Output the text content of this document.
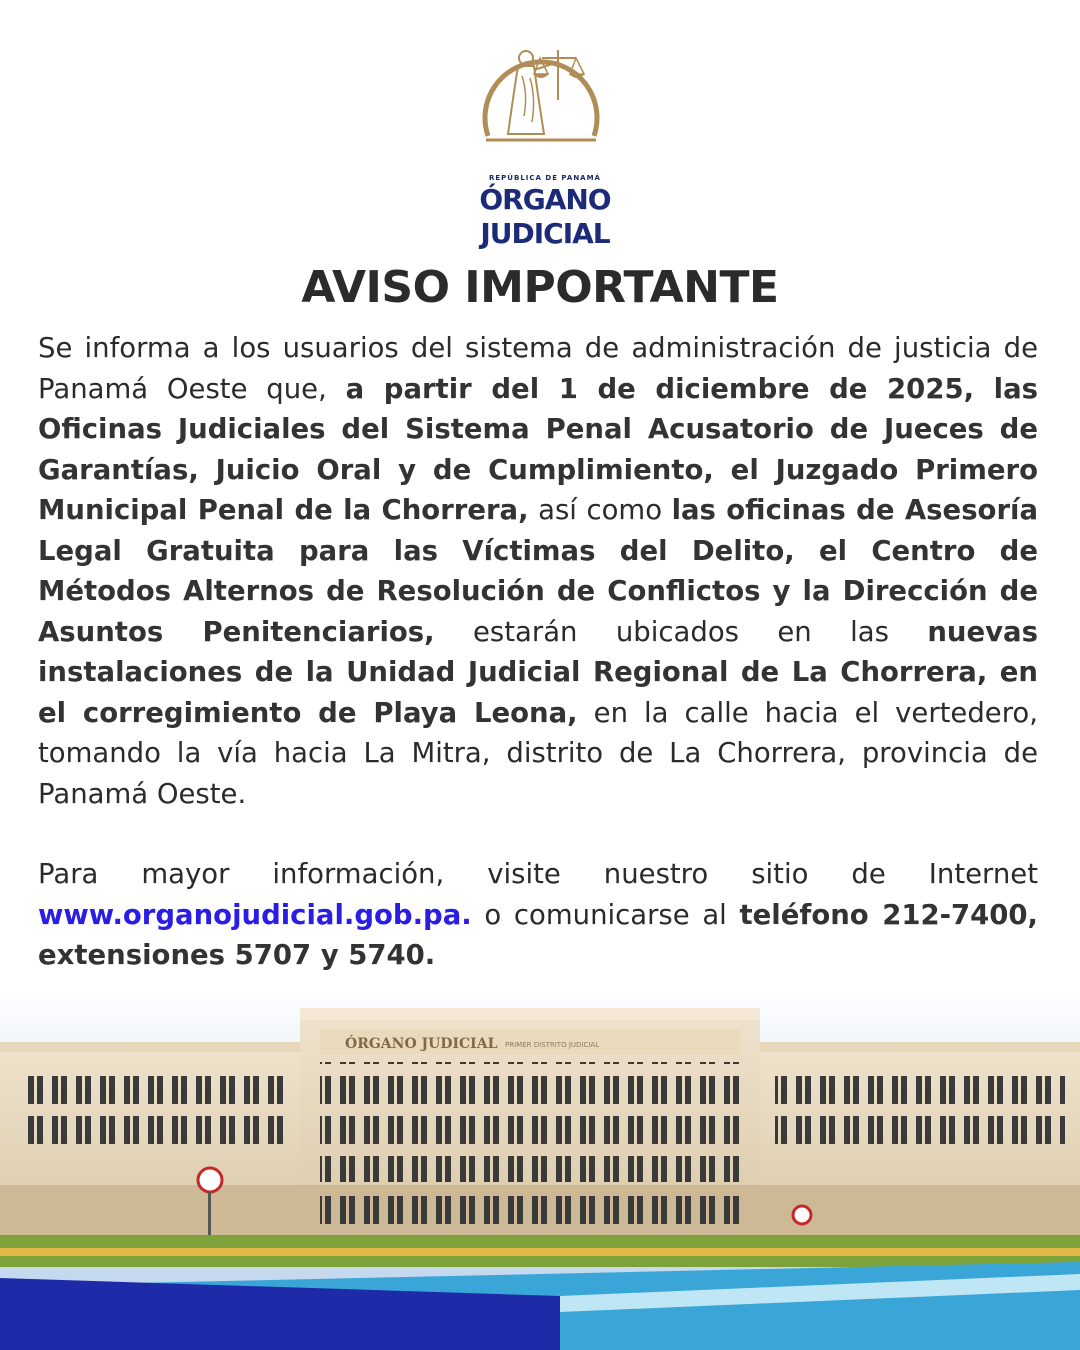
REPÚBLICA DE PANAMÁ
ÓRGANO
JUDICIAL
AVISO IMPORTANTE
Se informa a los usuarios del sistema de administración de justicia de Panamá Oeste que, a partir del 1 de diciembre de 2025, las Oficinas Judiciales del Sistema Penal Acusatorio de Jueces de Garantías, Juicio Oral y de Cumplimiento, el Juzgado Primero Municipal Penal de la Chorrera, así como las oficinas de Asesoría Legal Gratuita para las Víctimas del Delito, el Centro de Métodos Alternos de Resolución de Conflictos y la Dirección de Asuntos Penitenciarios, estarán ubicados en las nuevas instalaciones de la Unidad Judicial Regional de La Chorrera, en el corregimiento de Playa Leona, en la calle hacia el vertedero, tomando la vía hacia La Mitra, distrito de La Chorrera, provincia de Panamá Oeste.
Para mayor información, visite nuestro sitio de Internet www.organojudicial.gob.pa. o comunicarse al teléfono 212-7400, extensiones 5707 y 5740.
ÓRGANO JUDICIAL PRIMER DISTRITO JUDICIAL
